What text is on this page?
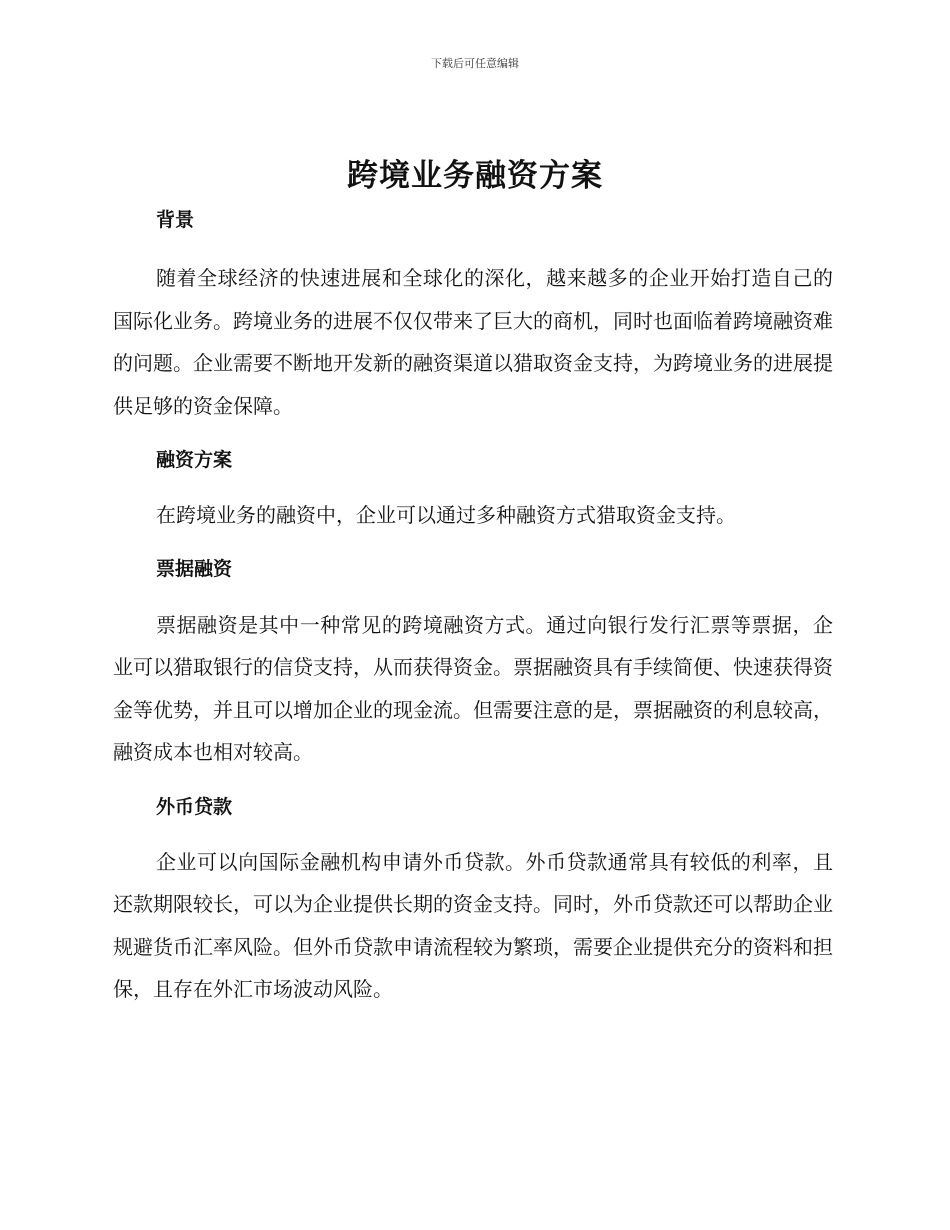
下载后可任意编辑
跨境业务融资方案
背景

随着全球经济的快速进展和全球化的深化，越来越多的企业开始打造自己的国际化业务。跨境业务的进展不仅仅带来了巨大的商机，同时也面临着跨境融资难的问题。企业需要不断地开发新的融资渠道以猎取资金支持，为跨境业务的进展提供足够的资金保障。

融资方案

在跨境业务的融资中，企业可以通过多种融资方式猎取资金支持。

票据融资

票据融资是其中一种常见的跨境融资方式。通过向银行发行汇票等票据，企业可以猎取银行的信贷支持，从而获得资金。票据融资具有手续简便、快速获得资金等优势，并且可以增加企业的现金流。但需要注意的是，票据融资的利息较高，融资成本也相对较高。

外币贷款

企业可以向国际金融机构申请外币贷款。外币贷款通常具有较低的利率，且还款期限较长，可以为企业提供长期的资金支持。同时，外币贷款还可以帮助企业规避货币汇率风险。但外币贷款申请流程较为繁琐，需要企业提供充分的资料和担保，且存在外汇市场波动风险。
